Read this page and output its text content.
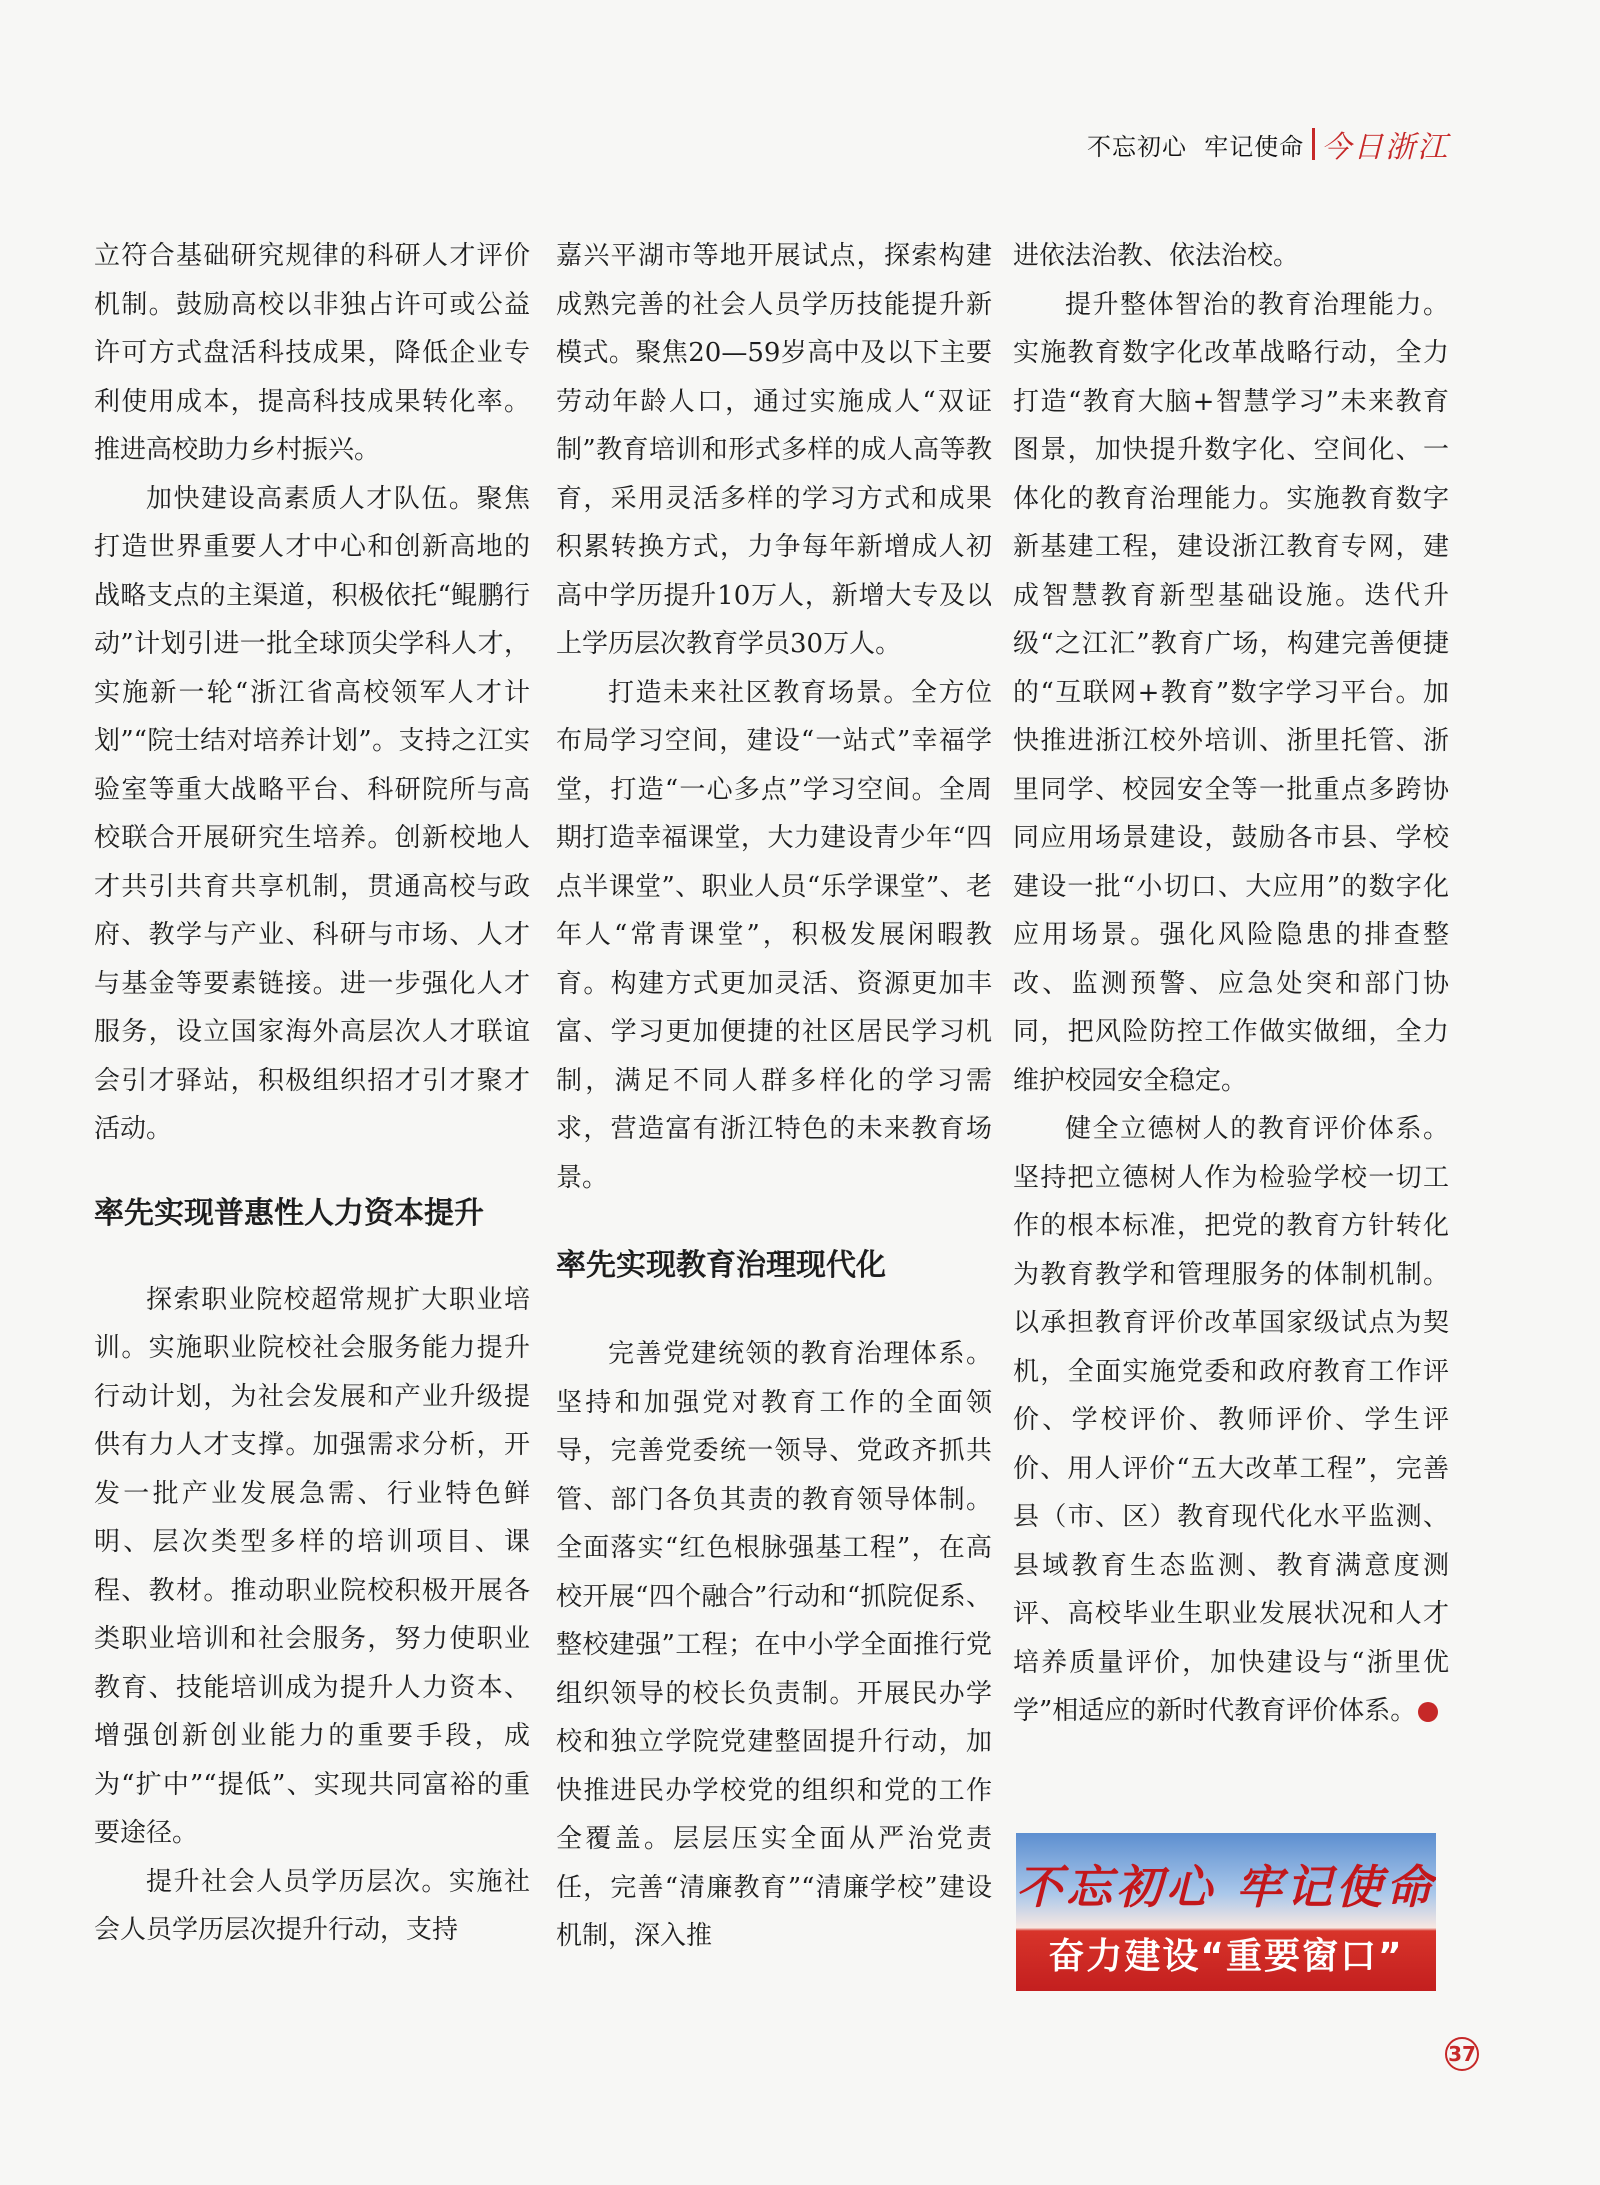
不忘初心  牢记使命 今日浙江

立符合基础研究规律的科研人才评价机制。鼓励高校以非独占许可或公益许可方式盘活科技成果，降低企业专利使用成本，提高科技成果转化率。推进高校助力乡村振兴。

加快建设高素质人才队伍。聚焦打造世界重要人才中心和创新高地的战略支点的主渠道，积极依托“鲲鹏行动”计划引进一批全球顶尖学科人才，实施新一轮“浙江省高校领军人才计划”“院士结对培养计划”。支持之江实验室等重大战略平台、科研院所与高校联合开展研究生培养。创新校地人才共引共育共享机制，贯通高校与政府、教学与产业、科研与市场、人才与基金等要素链接。进一步强化人才服务，设立国家海外高层次人才联谊会引才驿站，积极组织招才引才聚才活动。

率先实现普惠性人力资本提升

探索职业院校超常规扩大职业培训。实施职业院校社会服务能力提升行动计划，为社会发展和产业升级提供有力人才支撑。加强需求分析，开发一批产业发展急需、行业特色鲜明、层次类型多样的培训项目、课程、教材。推动职业院校积极开展各类职业培训和社会服务，努力使职业教育、技能培训成为提升人力资本、增强创新创业能力的重要手段，成为“扩中”“提低”、实现共同富裕的重要途径。

提升社会人员学历层次。实施社会人员学历层次提升行动，支持

嘉兴平湖市等地开展试点，探索构建成熟完善的社会人员学历技能提升新模式。聚焦20—59岁高中及以下主要劳动年龄人口，通过实施成人“双证制”教育培训和形式多样的成人高等教育，采用灵活多样的学习方式和成果积累转换方式，力争每年新增成人初高中学历提升10万人，新增大专及以上学历层次教育学员30万人。

打造未来社区教育场景。全方位布局学习空间，建设“一站式”幸福学堂，打造“一心多点”学习空间。全周期打造幸福课堂，大力建设青少年“四点半课堂”、职业人员“乐学课堂”、老年人“常青课堂”，积极发展闲暇教育。构建方式更加灵活、资源更加丰富、学习更加便捷的社区居民学习机制，满足不同人群多样化的学习需求，营造富有浙江特色的未来教育场景。

率先实现教育治理现代化

完善党建统领的教育治理体系。坚持和加强党对教育工作的全面领导，完善党委统一领导、党政齐抓共管、部门各负其责的教育领导体制。全面落实“红色根脉强基工程”，在高校开展“四个融合”行动和“抓院促系、整校建强”工程；在中小学全面推行党组织领导的校长负责制。开展民办学校和独立学院党建整固提升行动，加快推进民办学校党的组织和党的工作全覆盖。层层压实全面从严治党责任，完善“清廉教育”“清廉学校”建设机制，深入推

进依法治教、依法治校。

提升整体智治的教育治理能力。实施教育数字化改革战略行动，全力打造“教育大脑+智慧学习”未来教育图景，加快提升数字化、空间化、一体化的教育治理能力。实施教育数字新基建工程，建设浙江教育专网，建成智慧教育新型基础设施。迭代升级“之江汇”教育广场，构建完善便捷的“互联网+教育”数字学习平台。加快推进浙江校外培训、浙里托管、浙里同学、校园安全等一批重点多跨协同应用场景建设，鼓励各市县、学校建设一批“小切口、大应用”的数字化应用场景。强化风险隐患的排查整改、监测预警、应急处突和部门协同，把风险防控工作做实做细，全力维护校园安全稳定。

健全立德树人的教育评价体系。坚持把立德树人作为检验学校一切工作的根本标准，把党的教育方针转化为教育教学和管理服务的体制机制。以承担教育评价改革国家级试点为契机，全面实施党委和政府教育工作评价、学校评价、教师评价、学生评价、用人评价“五大改革工程”，完善县（市、区）教育现代化水平监测、县域教育生态监测、教育满意度测评、高校毕业生职业发展状况和人才培养质量评价，加快建设与“浙里优学”相适应的新时代教育评价体系。

不忘初心 牢记使命
奋力建设“重要窗口”
37
